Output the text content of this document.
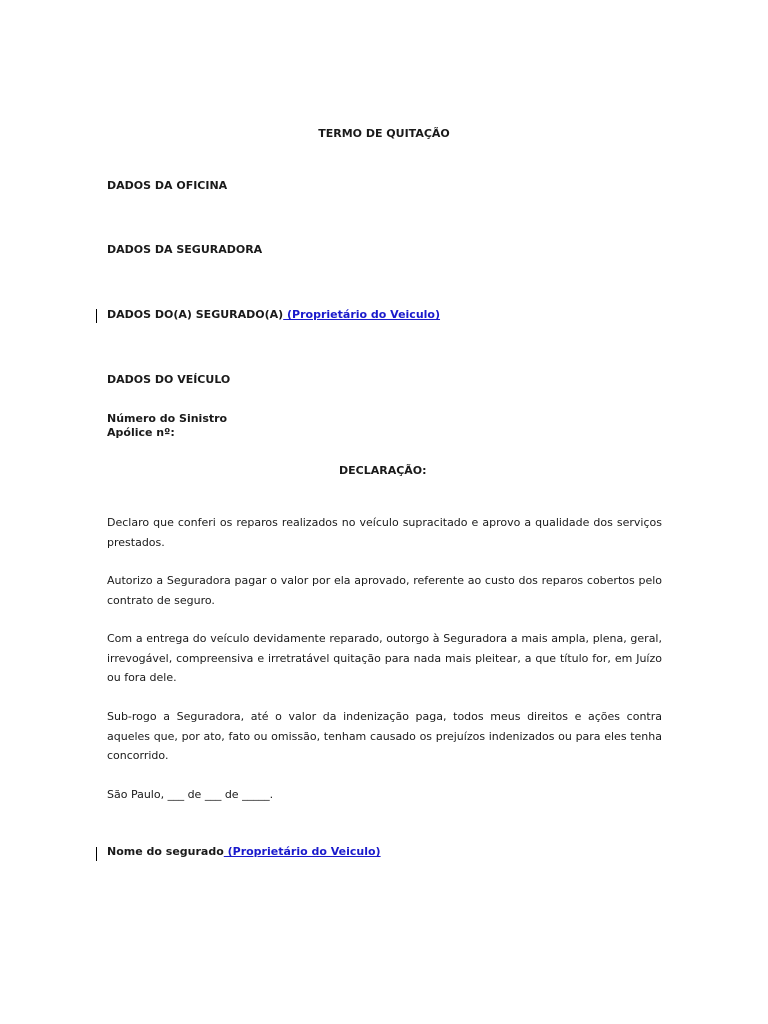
TERMO DE QUITAÇÃO
DADOS DA OFICINA
DADOS DA SEGURADORA
DADOS DO(A) SEGURADO(A) (Proprietário do Veiculo)
DADOS DO VEÍCULO
Número do Sinistro
Apólice nº:
DECLARAÇÃO:
Declaro que conferi os reparos realizados no veículo supracitado e aprovo a qualidade dos serviços prestados.
Autorizo a Seguradora pagar o valor por ela aprovado, referente ao custo dos reparos cobertos pelo contrato de seguro.
Com a entrega do veículo devidamente reparado, outorgo à Seguradora a mais ampla, plena, geral, irrevogável, compreensiva e irretratável quitação para nada mais pleitear, a que título for, em Juízo ou fora dele.
Sub-rogo a Seguradora, até o valor da indenização paga, todos meus direitos e ações contra aqueles que, por ato, fato ou omissão, tenham causado os prejuízos indenizados ou para eles tenha concorrido.
São Paulo, ___ de ___ de _____.
Nome do segurado (Proprietário do Veiculo)
